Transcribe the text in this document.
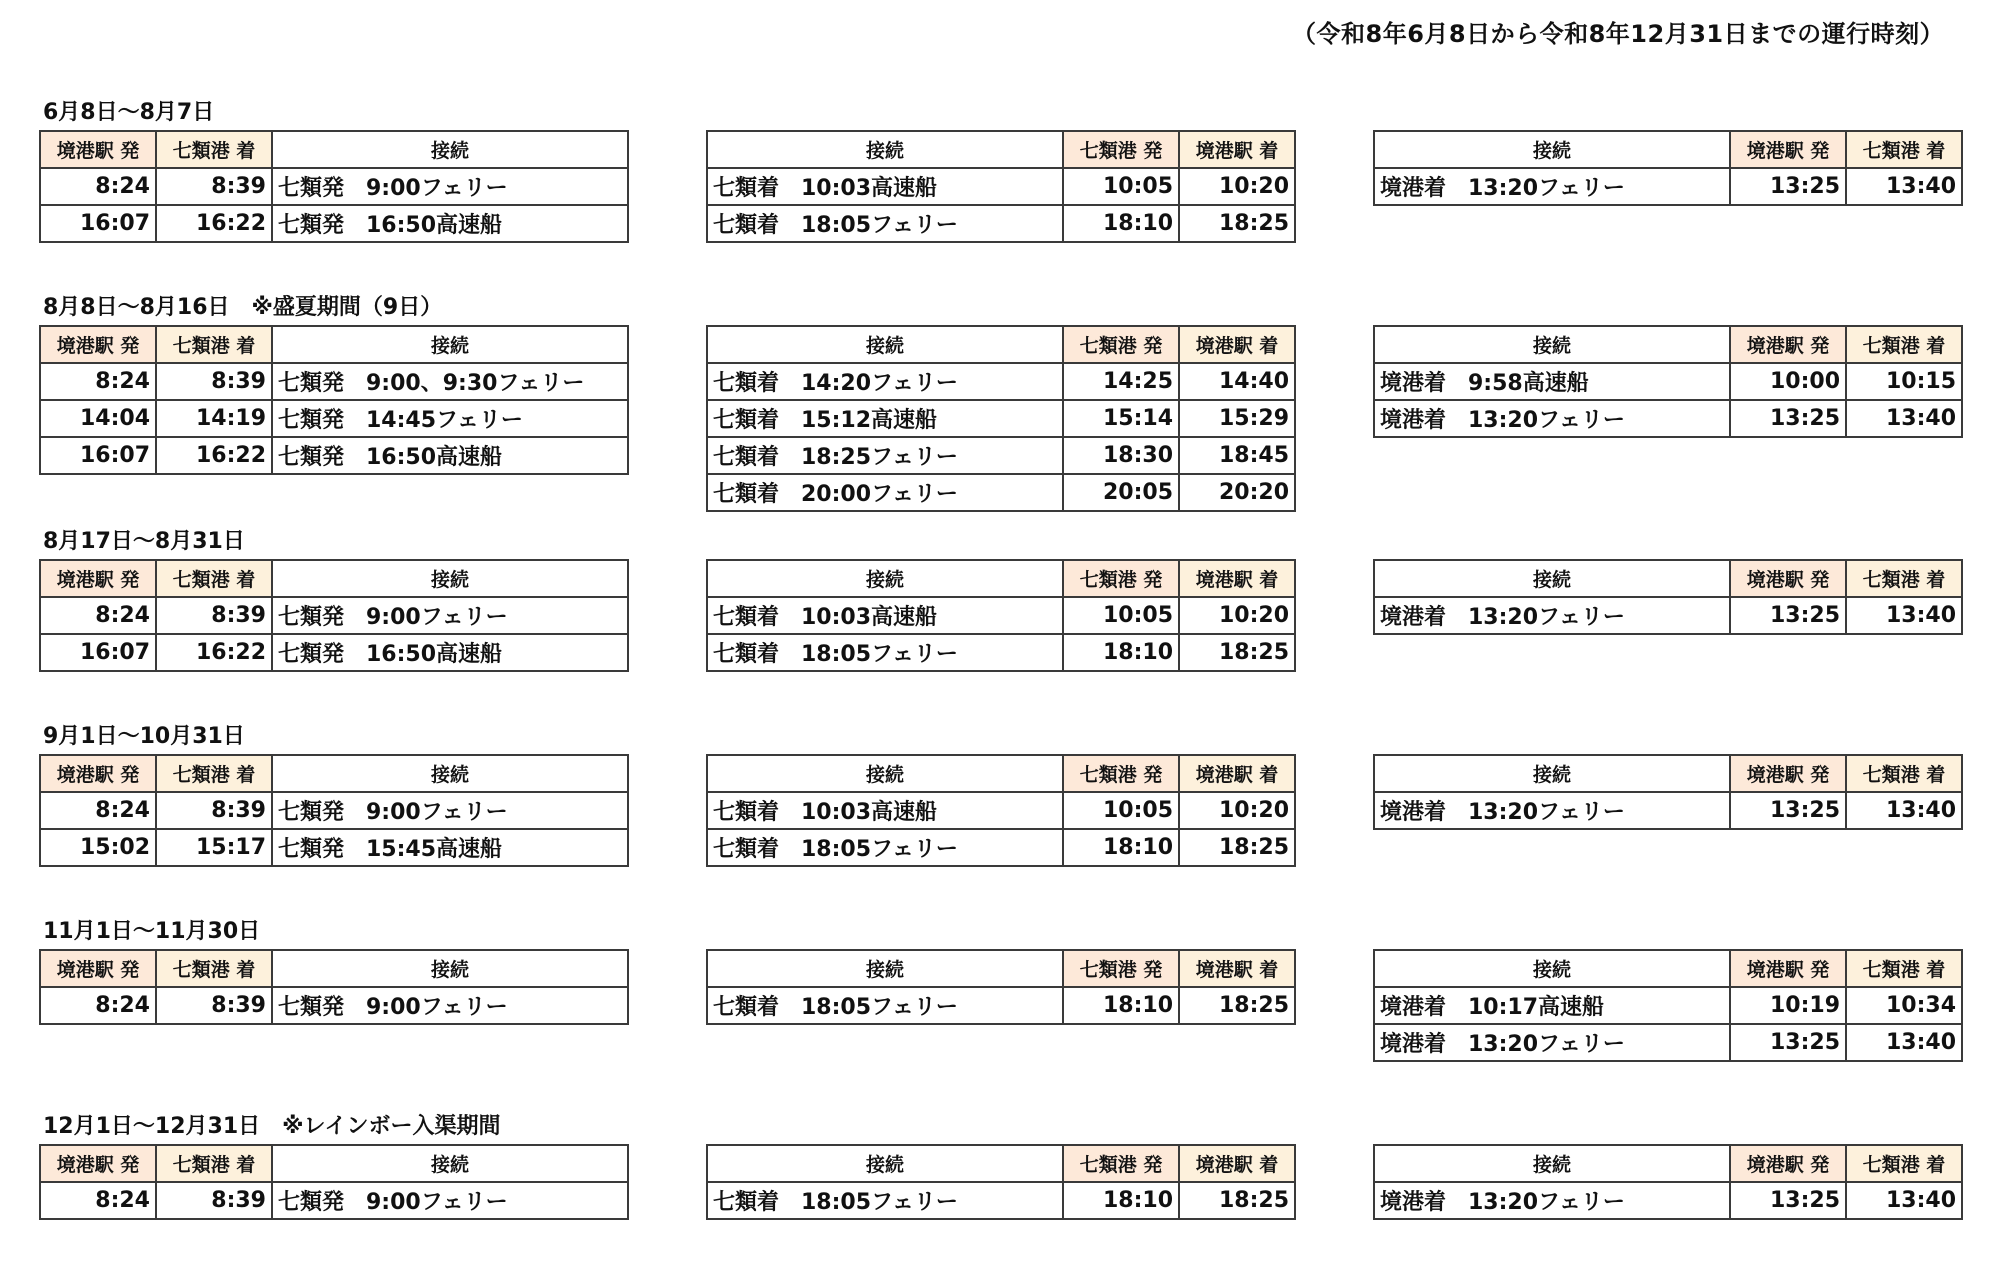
（令和8年6月8日から令和8年12月31日までの運行時刻）
6月8日～8月7日
境港駅 発	七類港 着	接続
8:24	8:39	七類発　9:00フェリー
16:07	16:22	七類発　16:50高速船
接続	七類港 発	境港駅 着
七類着　10:03高速船	10:05	10:20
七類着　18:05フェリー	18:10	18:25
接続	境港駅 発	七類港 着
境港着　13:20フェリー	13:25	13:40
8月8日～8月16日　※盛夏期間（9日）
境港駅 発	七類港 着	接続
8:24	8:39	七類発　9:00、9:30フェリー
14:04	14:19	七類発　14:45フェリー
16:07	16:22	七類発　16:50高速船
接続	七類港 発	境港駅 着
七類着　14:20フェリー	14:25	14:40
七類着　15:12高速船	15:14	15:29
七類着　18:25フェリー	18:30	18:45
七類着　20:00フェリー	20:05	20:20
接続	境港駅 発	七類港 着
境港着　9:58高速船	10:00	10:15
境港着　13:20フェリー	13:25	13:40
8月17日～8月31日
境港駅 発	七類港 着	接続
8:24	8:39	七類発　9:00フェリー
16:07	16:22	七類発　16:50高速船
接続	七類港 発	境港駅 着
七類着　10:03高速船	10:05	10:20
七類着　18:05フェリー	18:10	18:25
接続	境港駅 発	七類港 着
境港着　13:20フェリー	13:25	13:40
9月1日～10月31日
境港駅 発	七類港 着	接続
8:24	8:39	七類発　9:00フェリー
15:02	15:17	七類発　15:45高速船
接続	七類港 発	境港駅 着
七類着　10:03高速船	10:05	10:20
七類着　18:05フェリー	18:10	18:25
接続	境港駅 発	七類港 着
境港着　13:20フェリー	13:25	13:40
11月1日～11月30日
境港駅 発	七類港 着	接続
8:24	8:39	七類発　9:00フェリー
接続	七類港 発	境港駅 着
七類着　18:05フェリー	18:10	18:25
接続	境港駅 発	七類港 着
境港着　10:17高速船	10:19	10:34
境港着　13:20フェリー	13:25	13:40
12月1日～12月31日　※レインボー入渠期間
境港駅 発	七類港 着	接続
8:24	8:39	七類発　9:00フェリー
接続	七類港 発	境港駅 着
七類着　18:05フェリー	18:10	18:25
接続	境港駅 発	七類港 着
境港着　13:20フェリー	13:25	13:40
